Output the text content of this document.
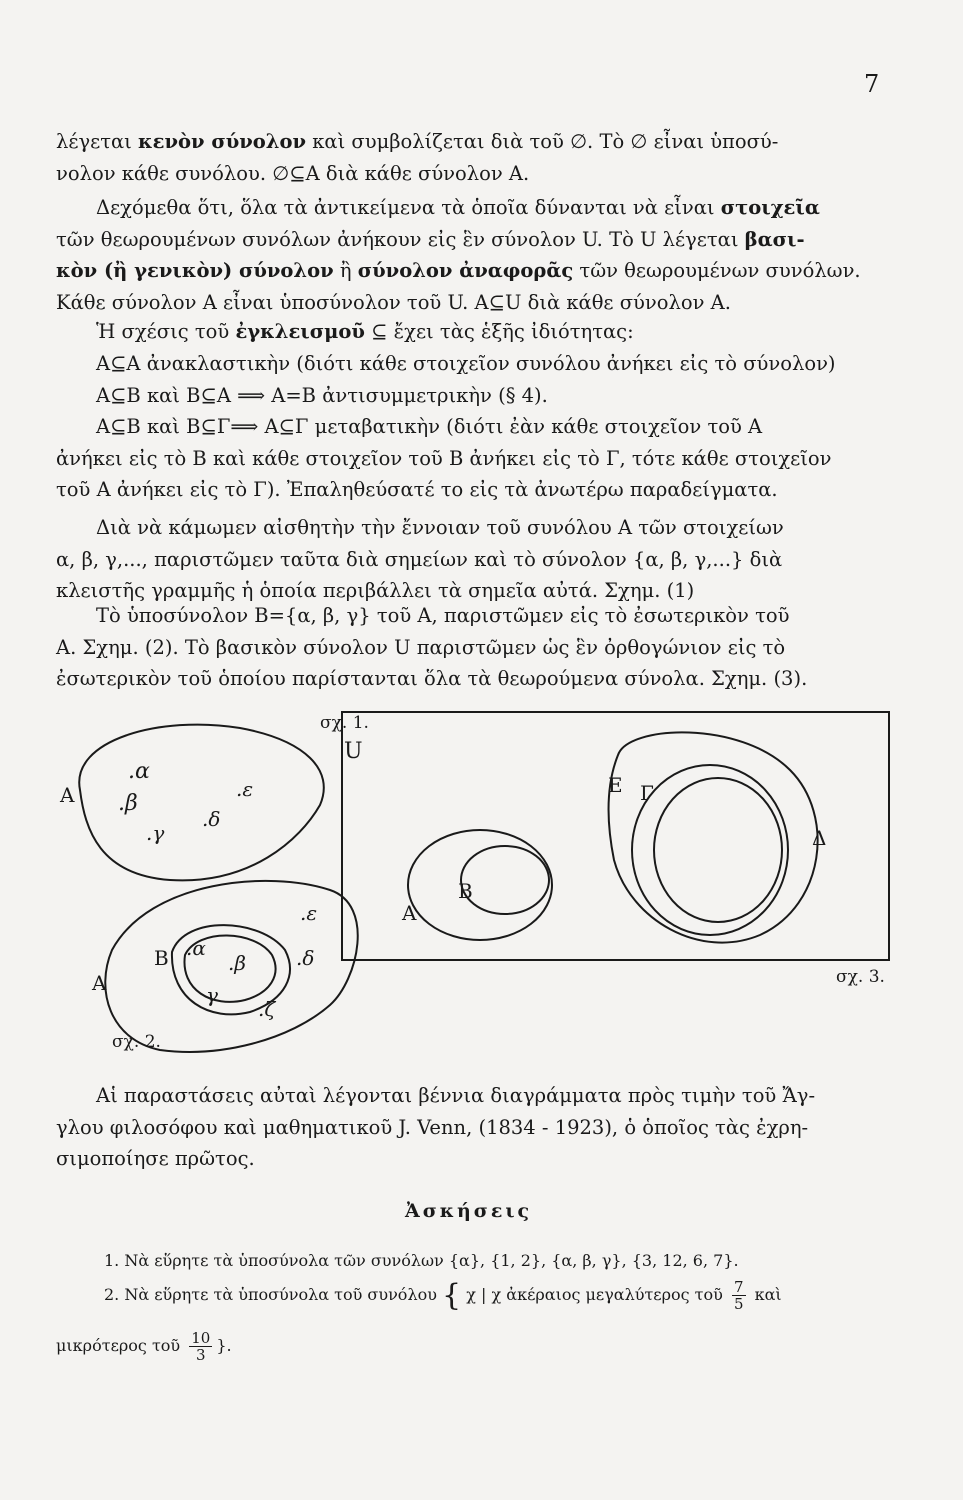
7

λέγεται κενὸν σύνολον καὶ συμβολίζεται διὰ τοῦ ∅. Τὸ ∅ εἶναι ὑποσύ-
νολον κάθε συνόλου. ∅⊆Α διὰ κάθε σύνολον Α.

Δεχόμεθα ὅτι, ὅλα τὰ ἀντικείμενα τὰ ὁποῖα δύνανται νὰ εἶναι στοιχεῖα
τῶν θεωρουμένων συνόλων ἀνήκουν εἰς ἓν σύνολον U. Τὸ U λέγεται βασι-
κὸν (ἢ γενικὸν) σύνολον ἢ σύνολον ἀναφορᾶς τῶν θεωρουμένων συνόλων.
Κάθε σύνολον Α εἶναι ὑποσύνολον τοῦ U. Α⊆U διὰ κάθε σύνολον Α.

Ἡ σχέσις τοῦ ἐγκλεισμοῦ ⊆ ἔχει τὰς ἑξῆς ἰδιότητας:

Α⊆Α ἀνακλαστικὴν (διότι κάθε στοιχεῖον συνόλου ἀνήκει εἰς τὸ σύνολον)
Α⊆Β καὶ Β⊆Α ⟹ Α=Β ἀντισυμμετρικὴν (§ 4).
Α⊆Β καὶ Β⊆Γ⟹ Α⊆Γ μεταβατικὴν (διότι ἐὰν κάθε στοιχεῖον τοῦ Α
ἀνήκει εἰς τὸ Β καὶ κάθε στοιχεῖον τοῦ Β ἀνήκει εἰς τὸ Γ, τότε κάθε στοιχεῖον
τοῦ Α ἀνήκει εἰς τὸ Γ). Ἐπαληθεύσατέ το εἰς τὰ ἀνωτέρω παραδείγματα.

Διὰ νὰ κάμωμεν αἰσθητὴν τὴν ἔννοιαν τοῦ συνόλου Α τῶν στοιχείων
α, β, γ,..., παριστῶμεν ταῦτα διὰ σημείων καὶ τὸ σύνολον {α, β, γ,...} διὰ
κλειστῆς γραμμῆς ἡ ὁποία περιβάλλει τὰ σημεῖα αὐτά. Σχημ. (1)

Τὸ ὑποσύνολον Β={α, β, γ} τοῦ Α, παριστῶμεν εἰς τὸ ἐσωτερικὸν τοῦ
Α. Σχημ. (2). Τὸ βασικὸν σύνολον U παριστῶμεν ὡς ἓν ὀρθογώνιον εἰς τὸ
ἐσωτερικὸν τοῦ ὁποίου παρίστανται ὅλα τὰ θεωρούμενα σύνολα. Σχημ. (3).

σχ. 1.
Α
.α
.β
.ε
.δ
.γ
σχ. 2.
Α
Β .α
.β	.δ
.ε
.ζ
γ
U
Α
Β
Ε Γ
Δ
σχ. 3.

Αἱ παραστάσεις αὐταὶ λέγονται βέννια διαγράμματα πρὸς τιμὴν τοῦ Ἄγ-
γλου φιλοσόφου καὶ μαθηματικοῦ J. Venn, (1834 - 1923), ὁ ὁποῖος τὰς ἐχρη-
σιμοποίησε πρῶτος.

Ἀσκήσεις
1. Νὰ εὕρητε τὰ ὑποσύνολα τῶν συνόλων {α}, {1, 2}, {α, β, γ}, {3, 12, 6, 7}.
2. Νὰ εὕρητε τὰ ὑποσύνολα τοῦ συνόλου { χ | χ ἀκέραιος μεγαλύτερος τοῦ $\frac{7}{5}$ καὶ
μικρότερος τοῦ $\frac{10}{3}$ }.
